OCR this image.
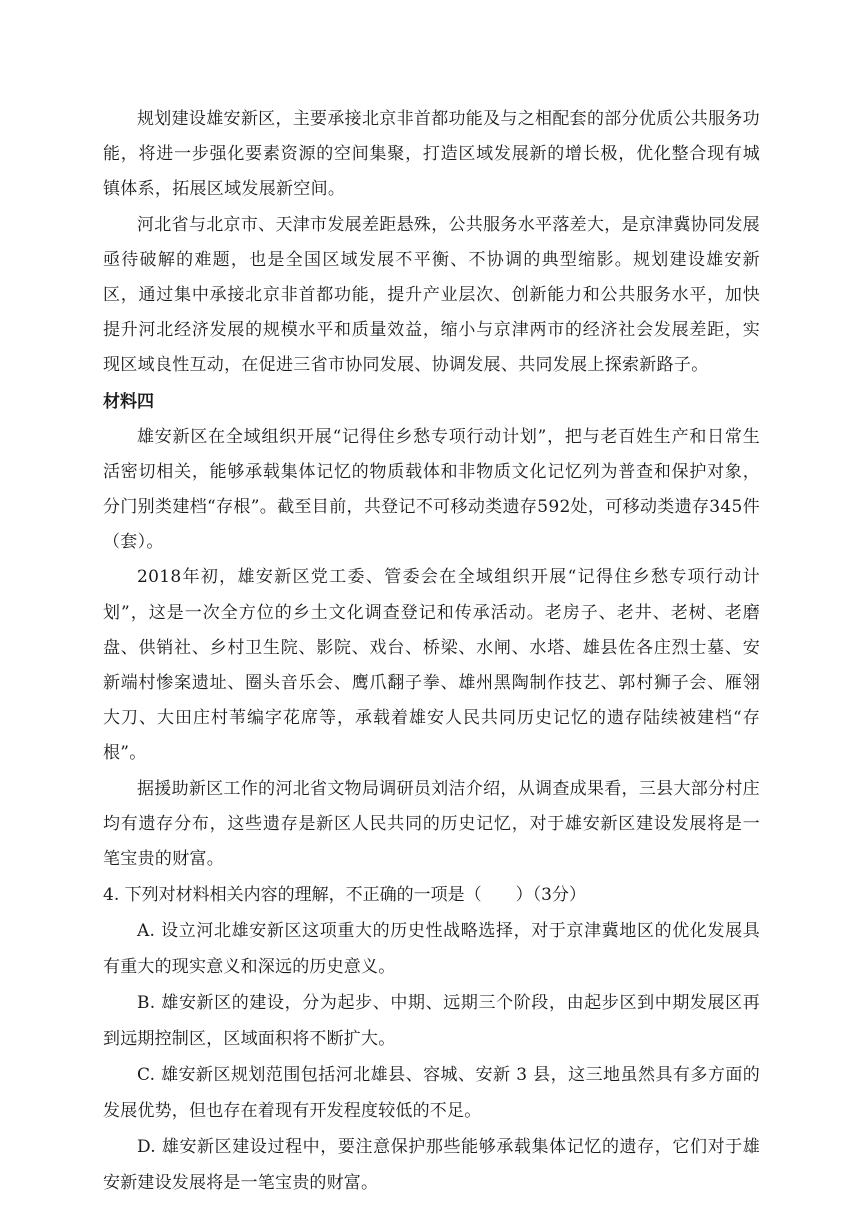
规划建设雄安新区，主要承接北京非首都功能及与之相配套的部分优质公共服务功能，将进一步强化要素资源的空间集聚，打造区域发展新的增长极，优化整合现有城镇体系，拓展区域发展新空间。

河北省与北京市、天津市发展差距悬殊，公共服务水平落差大，是京津冀协同发展亟待破解的难题，也是全国区域发展不平衡、不协调的典型缩影。规划建设雄安新区，通过集中承接北京非首都功能，提升产业层次、创新能力和公共服务水平，加快提升河北经济发展的规模水平和质量效益，缩小与京津两市的经济社会发展差距，实现区域良性互动，在促进三省市协同发展、协调发展、共同发展上探索新路子。

材料四

雄安新区在全域组织开展“记得住乡愁专项行动计划”，把与老百姓生产和日常生活密切相关，能够承载集体记忆的物质载体和非物质文化记忆列为普查和保护对象，分门别类建档“存根”。截至目前，共登记不可移动类遗存592处，可移动类遗存345件（套）。

2018年初，雄安新区党工委、管委会在全域组织开展“记得住乡愁专项行动计划”，这是一次全方位的乡土文化调查登记和传承活动。老房子、老井、老树、老磨盘、供销社、乡村卫生院、影院、戏台、桥梁、水闸、水塔、雄县佐各庄烈士墓、安新端村惨案遗址、圈头音乐会、鹰爪翻子拳、雄州黑陶制作技艺、郭村狮子会、雁翎大刀、大田庄村苇编字花席等，承载着雄安人民共同历史记忆的遗存陆续被建档“存根”。

据援助新区工作的河北省文物局调研员刘洁介绍，从调查成果看，三县大部分村庄均有遗存分布，这些遗存是新区人民共同的历史记忆，对于雄安新区建设发展将是一笔宝贵的财富。

4. 下列对材料相关内容的理解，不正确的一项是（　　）（3分）

A. 设立河北雄安新区这项重大的历史性战略选择，对于京津冀地区的优化发展具有重大的现实意义和深远的历史意义。

B. 雄安新区的建设，分为起步、中期、远期三个阶段，由起步区到中期发展区再到远期控制区，区域面积将不断扩大。

C. 雄安新区规划范围包括河北雄县、容城、安新 3 县，这三地虽然具有多方面的发展优势，但也存在着现有开发程度较低的不足。

D. 雄安新区建设过程中，要注意保护那些能够承载集体记忆的遗存，它们对于雄安新建设发展将是一笔宝贵的财富。
